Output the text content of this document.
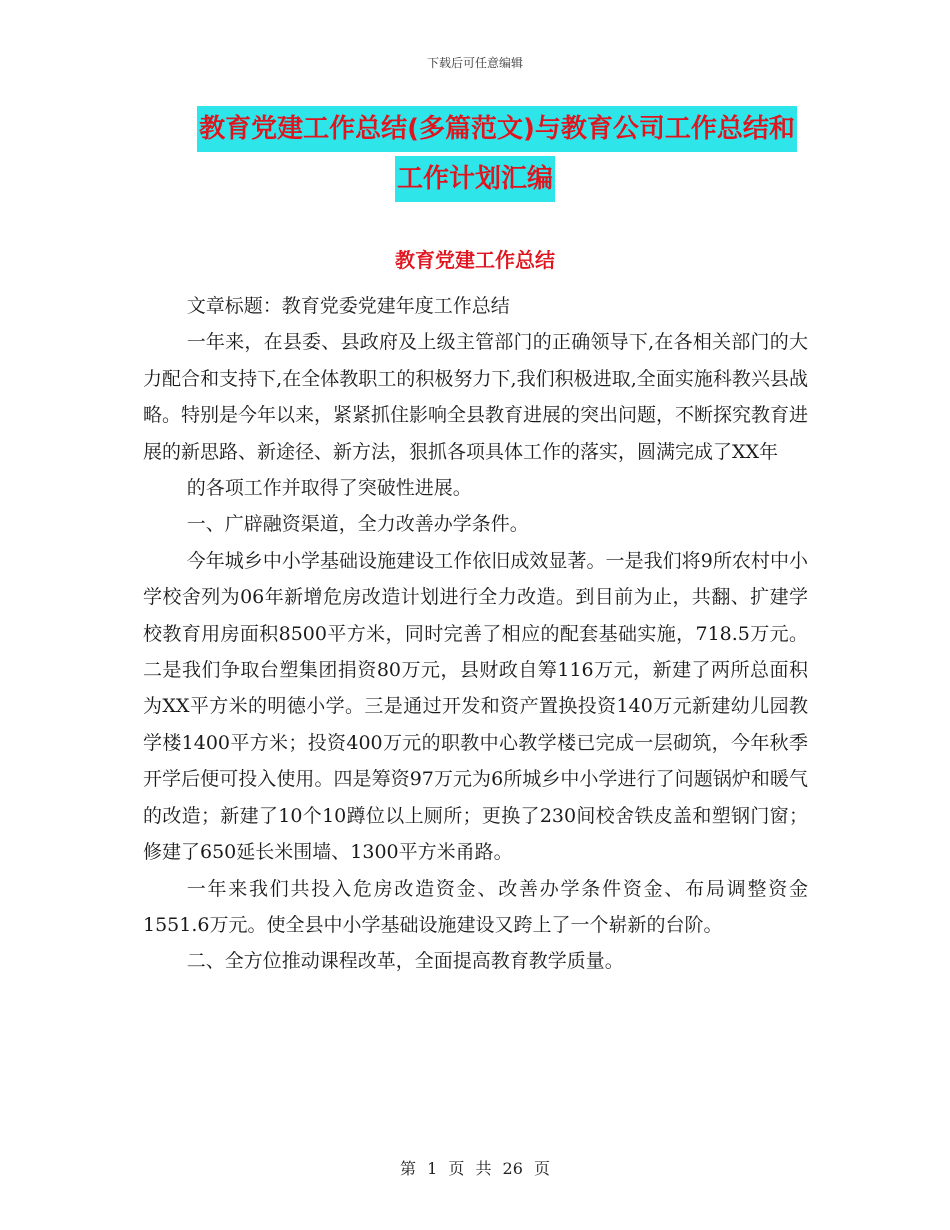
下载后可任意编辑
教育党建工作总结(多篇范文)与教育公司工作总结和
工作计划汇编
教育党建工作总结

文章标题：教育党委党建年度工作总结

一年来，在县委、县政府及上级主管部门的正确领导下,在各相关部门的大力配合和支持下,在全体教职工的积极努力下,我们积极进取,全面实施科教兴县战略。特别是今年以来，紧紧抓住影响全县教育进展的突出问题，不断探究教育进展的新思路、新途径、新方法，狠抓各项具体工作的落实，圆满完成了XX年

的各项工作并取得了突破性进展。

一、广辟融资渠道，全力改善办学条件。

今年城乡中小学基础设施建设工作依旧成效显著。一是我们将9所农村中小学校舍列为06年新增危房改造计划进行全力改造。到目前为止，共翻、扩建学校教育用房面积8500平方米，同时完善了相应的配套基础实施，718.5万元。二是我们争取台塑集团捐资80万元，县财政自筹116万元，新建了两所总面积为XX平方米的明德小学。三是通过开发和资产置换投资140万元新建幼儿园教学楼1400平方米；投资400万元的职教中心教学楼已完成一层砌筑，今年秋季开学后便可投入使用。四是筹资97万元为6所城乡中小学进行了问题锅炉和暖气的改造；新建了10个10蹲位以上厕所；更换了230间校舍铁皮盖和塑钢门窗；修建了650延长米围墙、1300平方米甬路。

一年来我们共投入危房改造资金、改善办学条件资金、布局调整资金1551.6万元。使全县中小学基础设施建设又跨上了一个崭新的台阶。

二、全方位推动课程改革，全面提高教育教学质量。

第 1 页 共 26 页
